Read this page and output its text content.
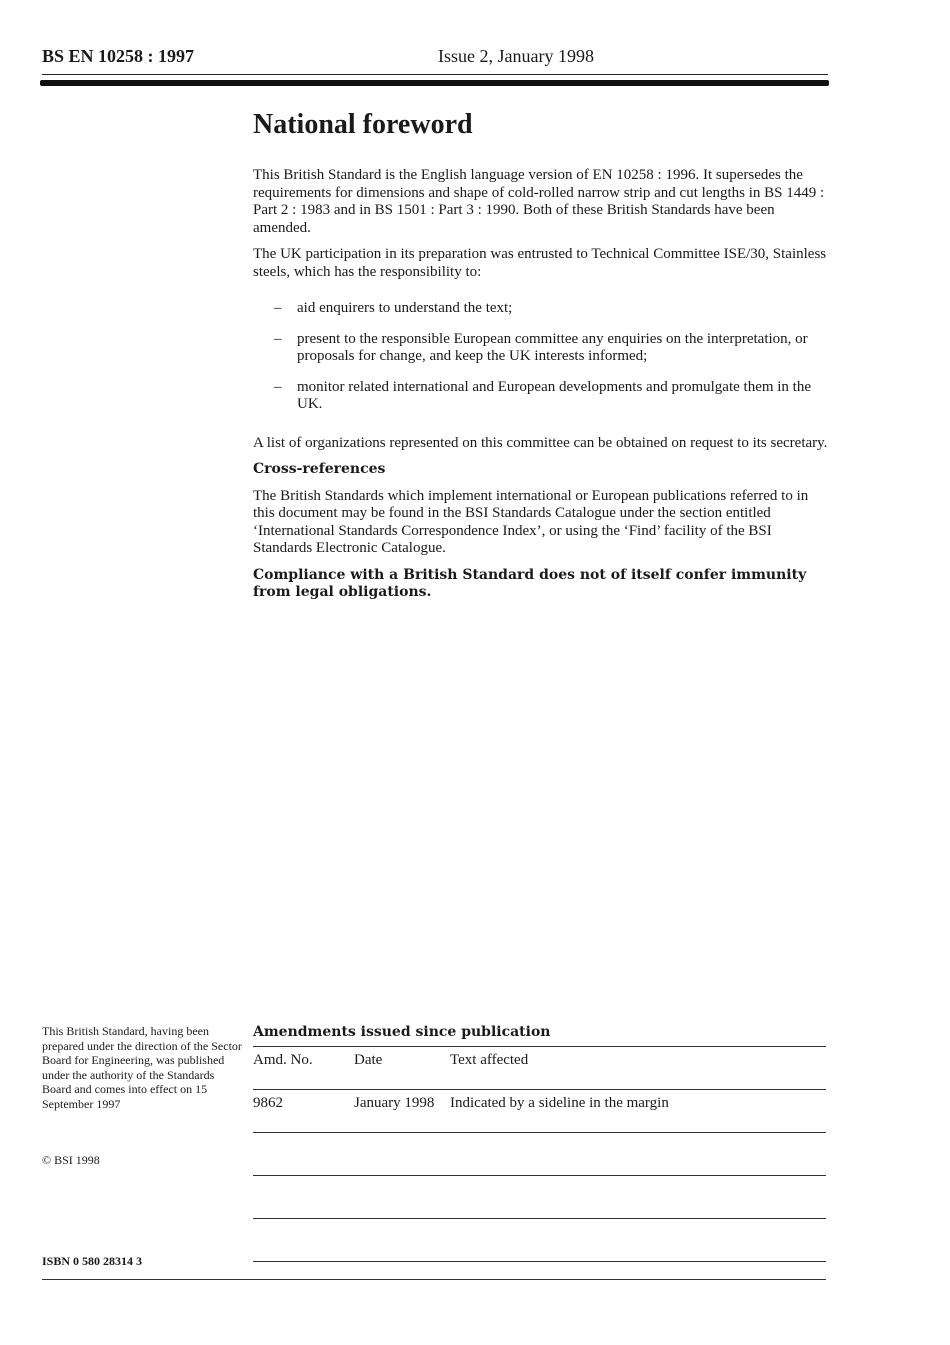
BS EN 10258 : 1997	Issue 2, January 1998
National foreword

This British Standard is the English language version of EN 10258 : 1996. It supersedes the requirements for dimensions and shape of cold-rolled narrow strip and cut lengths in BS 1449 : Part 2 : 1983 and in BS 1501 : Part 3 : 1990. Both of these British Standards have been amended.

The UK participation in its preparation was entrusted to Technical Committee ISE/30, Stainless steels, which has the responsibility to:

– aid enquirers to understand the text;
– present to the responsible European committee any enquiries on the interpretation, or proposals for change, and keep the UK interests informed;
– monitor related international and European developments and promulgate them in the UK.

A list of organizations represented on this committee can be obtained on request to its secretary.

Cross-references

The British Standards which implement international or European publications referred to in this document may be found in the BSI Standards Catalogue under the section entitled ‘International Standards Correspondence Index’, or using the ‘Find’ facility of the BSI Standards Electronic Catalogue.

Compliance with a British Standard does not of itself confer immunity from legal obligations.

This British Standard, having been prepared under the direction of the Sector Board for Engineering, was published under the authority of the Standards Board and comes into effect on 15 September 1997
© BSI 1998
ISBN 0 580 28314 3
Amendments issued since publication
Amd. No.	Date	Text affected
9862	January 1998	Indicated by a sideline in the margin
